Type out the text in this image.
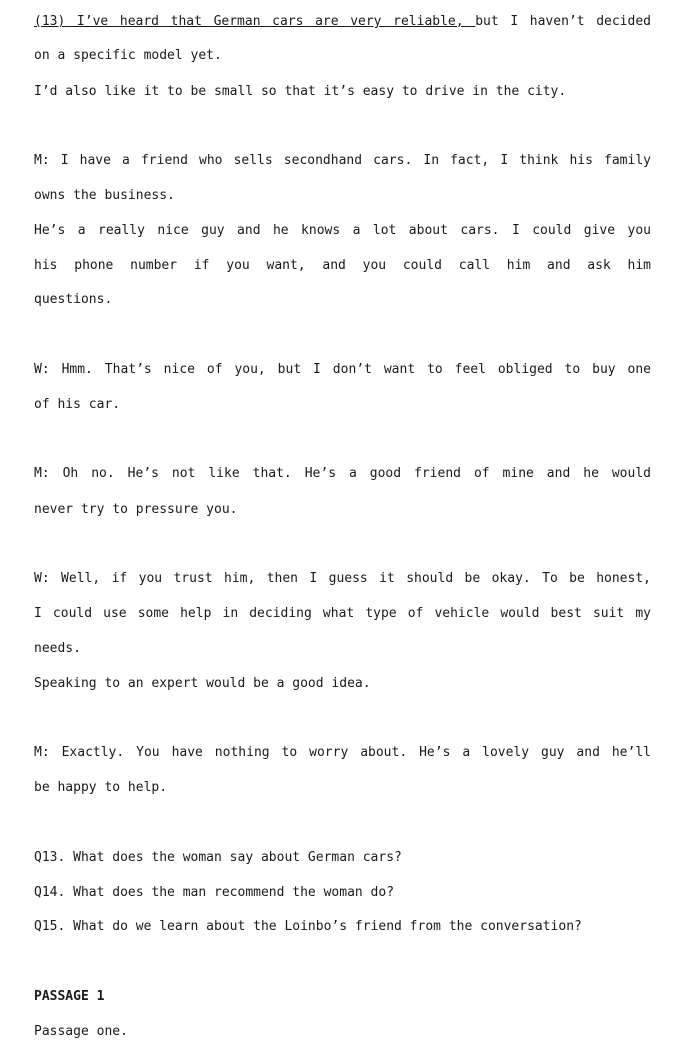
(13) I’ve heard that German cars are very reliable, but I haven’t decided
on a specific model yet.
I’d also like it to be small so that it’s easy to drive in the city.
M: I have a friend who sells secondhand cars. In fact, I think his family
owns the business.
He’s a really nice guy and he knows a lot about cars. I could give you
his phone number if you want, and you could call him and ask him
questions.
W: Hmm. That’s nice of you, but I don’t want to feel obliged to buy one
of his car.
M: Oh no. He’s not like that. He’s a good friend of mine and he would
never try to pressure you.
W: Well, if you trust him, then I guess it should be okay. To be honest,
I could use some help in deciding what type of vehicle would best suit my
needs.
Speaking to an expert would be a good idea.
M: Exactly. You have nothing to worry about. He’s a lovely guy and he’ll
be happy to help.
Q13. What does the woman say about German cars?
Q14. What does the man recommend the woman do?
Q15. What do we learn about the Loinbo’s friend from the conversation?
PASSAGE 1
Passage one.
